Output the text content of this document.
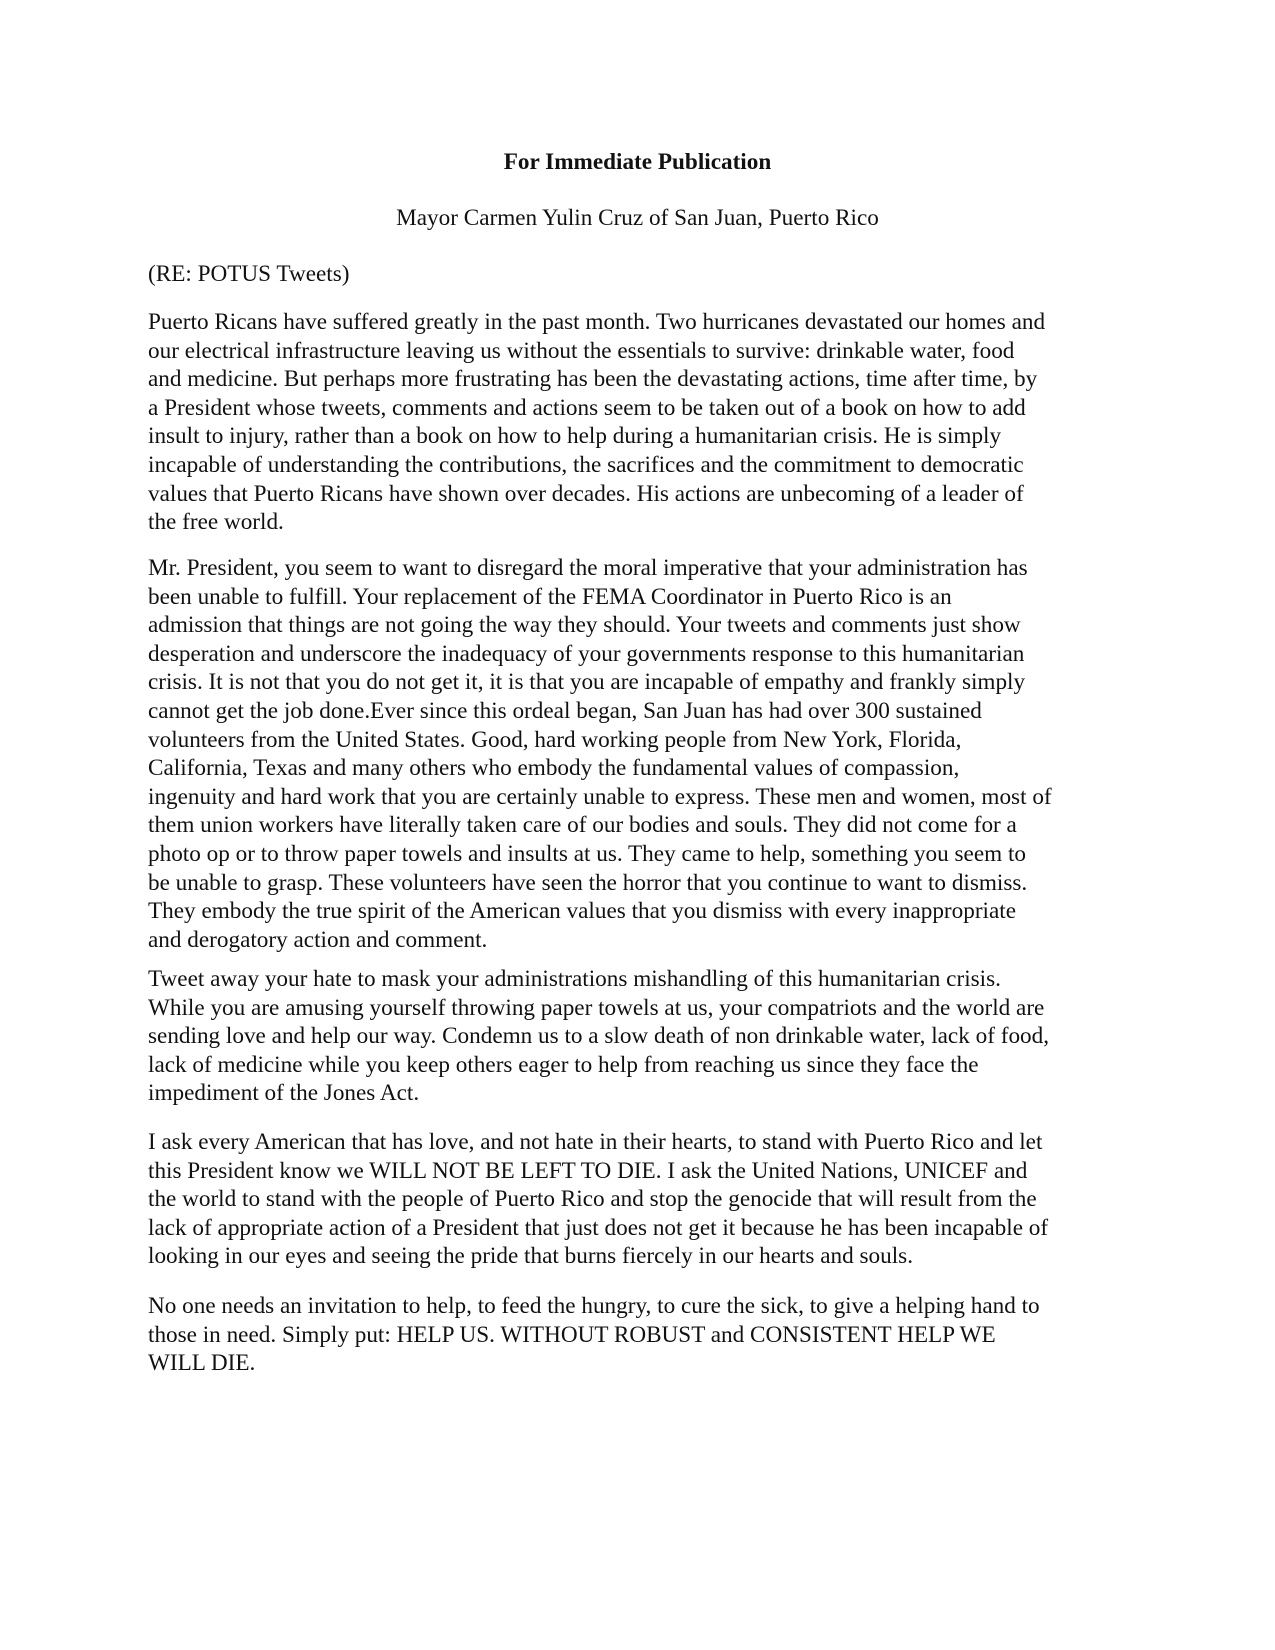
For Immediate Publication
Mayor Carmen Yulin Cruz of San Juan, Puerto Rico
(RE: POTUS Tweets)
Puerto Ricans have suffered greatly in the past month. Two hurricanes devastated our homes and
our electrical infrastructure leaving us without the essentials to survive: drinkable water, food
and medicine. But perhaps more frustrating has been the devastating actions, time after time, by
a President whose tweets, comments and actions seem to be taken out of a book on how to add
insult to injury, rather than a book on how to help during a humanitarian crisis. He is simply
incapable of understanding the contributions, the sacrifices and the commitment to democratic
values that Puerto Ricans have shown over decades. His actions are unbecoming of a leader of
the free world.
Mr. President, you seem to want to disregard the moral imperative that your administration has
been unable to fulfill. Your replacement of the FEMA Coordinator in Puerto Rico is an
admission that things are not going the way they should. Your tweets and comments just show
desperation and underscore the inadequacy of your governments response to this humanitarian
crisis. It is not that you do not get it, it is that you are incapable of empathy and frankly simply
cannot get the job done.Ever since this ordeal began, San Juan has had over 300 sustained
volunteers from the United States. Good, hard working people from New York, Florida,
California, Texas and many others who embody the fundamental values of compassion,
ingenuity and hard work that you are certainly unable to express. These men and women, most of
them union workers have literally taken care of our bodies and souls. They did not come for a
photo op or to throw paper towels and insults at us. They came to help, something you seem to
be unable to grasp. These volunteers have seen the horror that you continue to want to dismiss.
They embody the true spirit of the American values that you dismiss with every inappropriate
and derogatory action and comment.
Tweet away your hate to mask your administrations mishandling of this humanitarian crisis.
While you are amusing yourself throwing paper towels at us, your compatriots and the world are
sending love and help our way. Condemn us to a slow death of non drinkable water, lack of food,
lack of medicine while you keep others eager to help from reaching us since they face the
impediment of the Jones Act.
I ask every American that has love, and not hate in their hearts, to stand with Puerto Rico and let
this President know we WILL NOT BE LEFT TO DIE. I ask the United Nations, UNICEF and
the world to stand with the people of Puerto Rico and stop the genocide that will result from the
lack of appropriate action of a President that just does not get it because he has been incapable of
looking in our eyes and seeing the pride that burns fiercely in our hearts and souls.
No one needs an invitation to help, to feed the hungry, to cure the sick, to give a helping hand to
those in need. Simply put: HELP US. WITHOUT ROBUST and CONSISTENT HELP WE
WILL DIE.
